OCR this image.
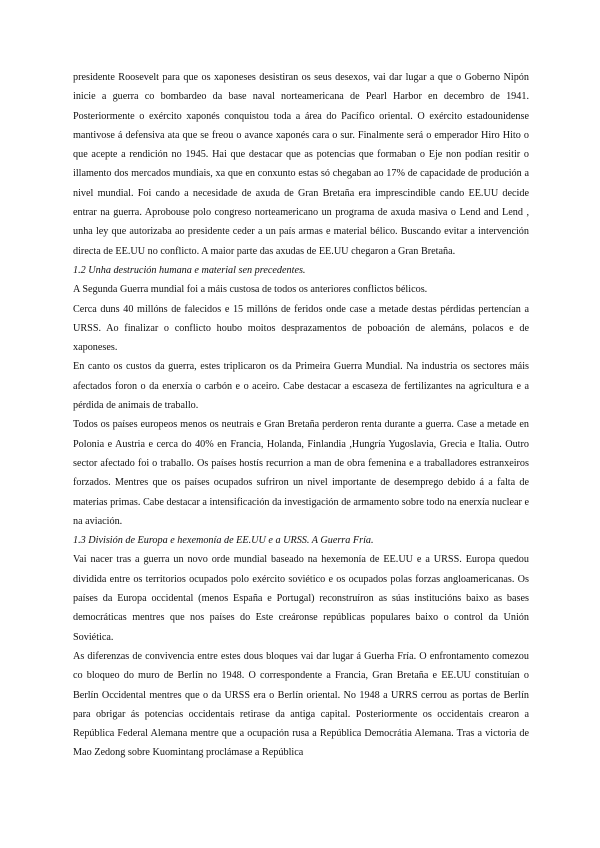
presidente Roosevelt para que os xaponeses desistiran os seus desexos, vai dar lugar a que o Goberno Nipón inicie a guerra co bombardeo da base naval norteamericana de Pearl Harbor en decembro de 1941. Posteriormente o exército xaponés conquistou toda a área do Pacífico oriental. O exército estadounidense mantivose á defensiva ata que se freou o avance xaponés cara o sur. Finalmente será o emperador Hiro Hito o que acepte a rendición no 1945. Hai que destacar que as potencias que formaban o Eje non podían resitir o illamento dos mercados mundiais, xa que en conxunto estas só chegaban ao 17% de capacidade de produción a nivel mundial. Foi cando a necesidade de axuda de Gran Bretaña era imprescindible cando EE.UU decide entrar na guerra. Aprobouse polo congreso norteamericano un programa de axuda masiva o Lend and Lend , unha ley que autorizaba ao presidente ceder a un país armas e material bélico. Buscando evitar a intervención directa de EE.UU no conflicto. A maior parte das axudas de EE.UU chegaron a Gran Bretaña.

1.2 Unha destrución humana e material sen precedentes.

A Segunda Guerra mundial foi a máis custosa de todos os anteriores conflictos bélicos.

Cerca duns 40 millóns de falecidos e 15 millóns de feridos onde case a metade destas pérdidas pertencían a URSS. Ao finalizar o conflicto houbo moitos desprazamentos de poboación de alemáns, polacos e de xaponeses.

En canto os custos da guerra, estes triplicaron os da Primeira Guerra Mundial. Na industria os sectores máis afectados foron o da enerxía o carbón e o aceiro. Cabe destacar a escaseza de fertilizantes na agricultura e a pérdida de animais de traballo.

Todos os países europeos menos os neutrais e Gran Bretaña perderon renta durante a guerra. Case a metade en Polonia e Austria e cerca do 40% en Francia, Holanda, Finlandia ,Hungría Yugoslavia, Grecia e Italia. Outro sector afectado foi o traballo. Os países hostís recurrion a man de obra femenina e a traballadores estranxeiros forzados. Mentres que os países ocupados sufriron un nivel importante de desemprego debido á a falta de materias primas. Cabe destacar a intensificación da investigación de armamento sobre todo na enerxía nuclear e na aviación.

1.3 División de Europa e hexemonía de EE.UU e a URSS. A Guerra Fría.

Vai nacer tras a guerra un novo orde mundial baseado na hexemonía de EE.UU e a URSS. Europa quedou dividida entre os territorios ocupados polo exército soviético e os ocupados polas forzas angloamericanas. Os países da Europa occidental (menos España e Portugal) reconstruíron as súas institucións baixo as bases democráticas mentres que nos países do Este creáronse repúblicas populares baixo o control da Unión Soviética.

As diferenzas de convivencia entre estes dous bloques vai dar lugar á Guerha Fría. O enfrontamento comezou co bloqueo do muro de Berlín no 1948. O correspondente a Francia, Gran Bretaña e EE.UU constituían o Berlín Occidental mentres que o da URSS era o Berlín oriental. No 1948 a URRS cerrou as portas de Berlín para obrigar ás potencias occidentais retirase da antiga capital. Posteriormente os occidentais crearon a República Federal Alemana mentre que a ocupación rusa a República Democrátia Alemana. Tras a victoria de Mao Zedong sobre Kuomintang proclámase a República
